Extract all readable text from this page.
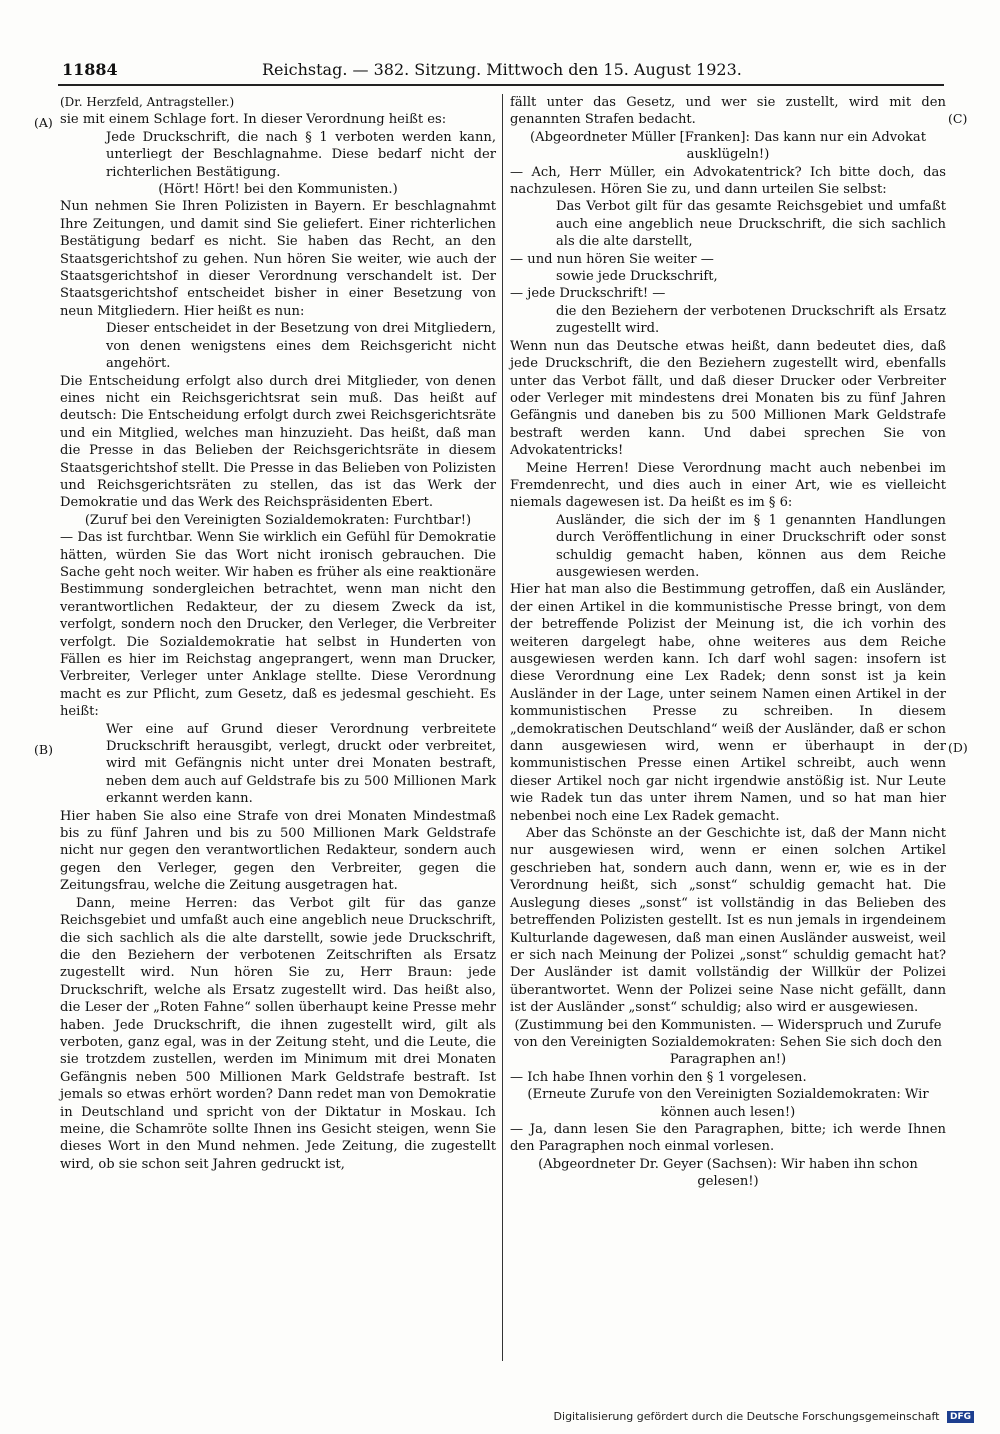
11884	Reichstag. — 382. Sitzung. Mittwoch den 15. August 1923.
(A)
(B)
(C)
(D)
(Dr. Herzfeld, Antragsteller.)
sie mit einem Schlage fort. In dieser Verordnung heißt es:
Jede Druckschrift, die nach § 1 verboten werden kann, unterliegt der Beschlagnahme. Diese bedarf nicht der richterlichen Bestätigung.
(Hört! Hört! bei den Kommunisten.)
Nun nehmen Sie Ihren Polizisten in Bayern. Er beschlagnahmt Ihre Zeitungen, und damit sind Sie geliefert. Einer richterlichen Bestätigung bedarf es nicht. Sie haben das Recht, an den Staatsgerichtshof zu gehen. Nun hören Sie weiter, wie auch der Staatsgerichtshof in dieser Verordnung verschandelt ist. Der Staatsgerichtshof entscheidet bisher in einer Besetzung von neun Mitgliedern. Hier heißt es nun:
Dieser entscheidet in der Besetzung von drei Mitgliedern, von denen wenigstens eines dem Reichsgericht nicht angehört.
Die Entscheidung erfolgt also durch drei Mitglieder, von denen eines nicht ein Reichsgerichtsrat sein muß. Das heißt auf deutsch: Die Entscheidung erfolgt durch zwei Reichsgerichtsräte und ein Mitglied, welches man hinzuzieht. Das heißt, daß man die Presse in das Belieben der Reichsgerichtsräte in diesem Staatsgerichtshof stellt. Die Presse in das Belieben von Polizisten und Reichsgerichtsräten zu stellen, das ist das Werk der Demokratie und das Werk des Reichspräsidenten Ebert.
(Zuruf bei den Vereinigten Sozialdemokraten: Furchtbar!)
— Das ist furchtbar. Wenn Sie wirklich ein Gefühl für Demokratie hätten, würden Sie das Wort nicht ironisch gebrauchen. Die Sache geht noch weiter. Wir haben es früher als eine reaktionäre Bestimmung sondergleichen betrachtet, wenn man nicht den verantwortlichen Redakteur, der zu diesem Zweck da ist, verfolgt, sondern noch den Drucker, den Verleger, die Verbreiter verfolgt. Die Sozialdemokratie hat selbst in Hunderten von Fällen es hier im Reichstag angeprangert, wenn man Drucker, Verbreiter, Verleger unter Anklage stellte. Diese Verordnung macht es zur Pflicht, zum Gesetz, daß es jedesmal geschieht. Es heißt:
Wer eine auf Grund dieser Verordnung verbreitete Druckschrift herausgibt, verlegt, druckt oder verbreitet, wird mit Gefängnis nicht unter drei Monaten bestraft, neben dem auch auf Geldstrafe bis zu 500 Millionen Mark erkannt werden kann.
Hier haben Sie also eine Strafe von drei Monaten Mindestmaß bis zu fünf Jahren und bis zu 500 Millionen Mark Geldstrafe nicht nur gegen den verantwortlichen Redakteur, sondern auch gegen den Verleger, gegen den Verbreiter, gegen die Zeitungsfrau, welche die Zeitung ausgetragen hat.
Dann, meine Herren: das Verbot gilt für das ganze Reichsgebiet und umfaßt auch eine angeblich neue Druckschrift, die sich sachlich als die alte darstellt, sowie jede Druckschrift, die den Beziehern der verbotenen Zeitschriften als Ersatz zugestellt wird. Nun hören Sie zu, Herr Braun: jede Druckschrift, welche als Ersatz zugestellt wird. Das heißt also, die Leser der „Roten Fahne“ sollen überhaupt keine Presse mehr haben. Jede Druckschrift, die ihnen zugestellt wird, gilt als verboten, ganz egal, was in der Zeitung steht, und die Leute, die sie trotzdem zustellen, werden im Minimum mit drei Monaten Gefängnis neben 500 Millionen Mark Geldstrafe bestraft. Ist jemals so etwas erhört worden? Dann redet man von Demokratie in Deutschland und spricht von der Diktatur in Moskau. Ich meine, die Schamröte sollte Ihnen ins Gesicht steigen, wenn Sie dieses Wort in den Mund nehmen. Jede Zeitung, die zugestellt wird, ob sie schon seit Jahren gedruckt ist,
fällt unter das Gesetz, und wer sie zustellt, wird mit den genannten Strafen bedacht.
(Abgeordneter Müller [Franken]: Das kann nur ein Advokat ausklügeln!)
— Ach, Herr Müller, ein Advokatentrick? Ich bitte doch, das nachzulesen. Hören Sie zu, und dann urteilen Sie selbst:
Das Verbot gilt für das gesamte Reichsgebiet und umfaßt auch eine angeblich neue Druckschrift, die sich sachlich als die alte darstellt,
— und nun hören Sie weiter —
sowie jede Druckschrift,
— jede Druckschrift! —
die den Beziehern der verbotenen Druckschrift als Ersatz zugestellt wird.
Wenn nun das Deutsche etwas heißt, dann bedeutet dies, daß jede Druckschrift, die den Beziehern zugestellt wird, ebenfalls unter das Verbot fällt, und daß dieser Drucker oder Verbreiter oder Verleger mit mindestens drei Monaten bis zu fünf Jahren Gefängnis und daneben bis zu 500 Millionen Mark Geldstrafe bestraft werden kann. Und dabei sprechen Sie von Advokatentricks!
Meine Herren! Diese Verordnung macht auch nebenbei im Fremdenrecht, und dies auch in einer Art, wie es vielleicht niemals dagewesen ist. Da heißt es im § 6:
Ausländer, die sich der im § 1 genannten Handlungen durch Veröffentlichung in einer Druckschrift oder sonst schuldig gemacht haben, können aus dem Reiche ausgewiesen werden.
Hier hat man also die Bestimmung getroffen, daß ein Ausländer, der einen Artikel in die kommunistische Presse bringt, von dem der betreffende Polizist der Meinung ist, die ich vorhin des weiteren dargelegt habe, ohne weiteres aus dem Reiche ausgewiesen werden kann. Ich darf wohl sagen: insofern ist diese Verordnung eine Lex Radek; denn sonst ist ja kein Ausländer in der Lage, unter seinem Namen einen Artikel in der kommunistischen Presse zu schreiben. In diesem „demokratischen Deutschland“ weiß der Ausländer, daß er schon dann ausgewiesen wird, wenn er überhaupt in der kommunistischen Presse einen Artikel schreibt, auch wenn dieser Artikel noch gar nicht irgendwie anstößig ist. Nur Leute wie Radek tun das unter ihrem Namen, und so hat man hier nebenbei noch eine Lex Radek gemacht.
Aber das Schönste an der Geschichte ist, daß der Mann nicht nur ausgewiesen wird, wenn er einen solchen Artikel geschrieben hat, sondern auch dann, wenn er, wie es in der Verordnung heißt, sich „sonst“ schuldig gemacht hat. Die Auslegung dieses „sonst“ ist vollständig in das Belieben des betreffenden Polizisten gestellt. Ist es nun jemals in irgendeinem Kulturlande dagewesen, daß man einen Ausländer ausweist, weil er sich nach Meinung der Polizei „sonst“ schuldig gemacht hat? Der Ausländer ist damit vollständig der Willkür der Polizei überantwortet. Wenn der Polizei seine Nase nicht gefällt, dann ist der Ausländer „sonst“ schuldig; also wird er ausgewiesen.
(Zustimmung bei den Kommunisten. — Widerspruch und Zurufe von den Vereinigten Sozialdemokraten: Sehen Sie sich doch den Paragraphen an!)
— Ich habe Ihnen vorhin den § 1 vorgelesen.
(Erneute Zurufe von den Vereinigten Sozialdemokraten: Wir können auch lesen!)
— Ja, dann lesen Sie den Paragraphen, bitte; ich werde Ihnen den Paragraphen noch einmal vorlesen.
(Abgeordneter Dr. Geyer (Sachsen): Wir haben ihn schon gelesen!)
Digitalisierung gefördert durch die Deutsche Forschungsgemeinschaft DFG
